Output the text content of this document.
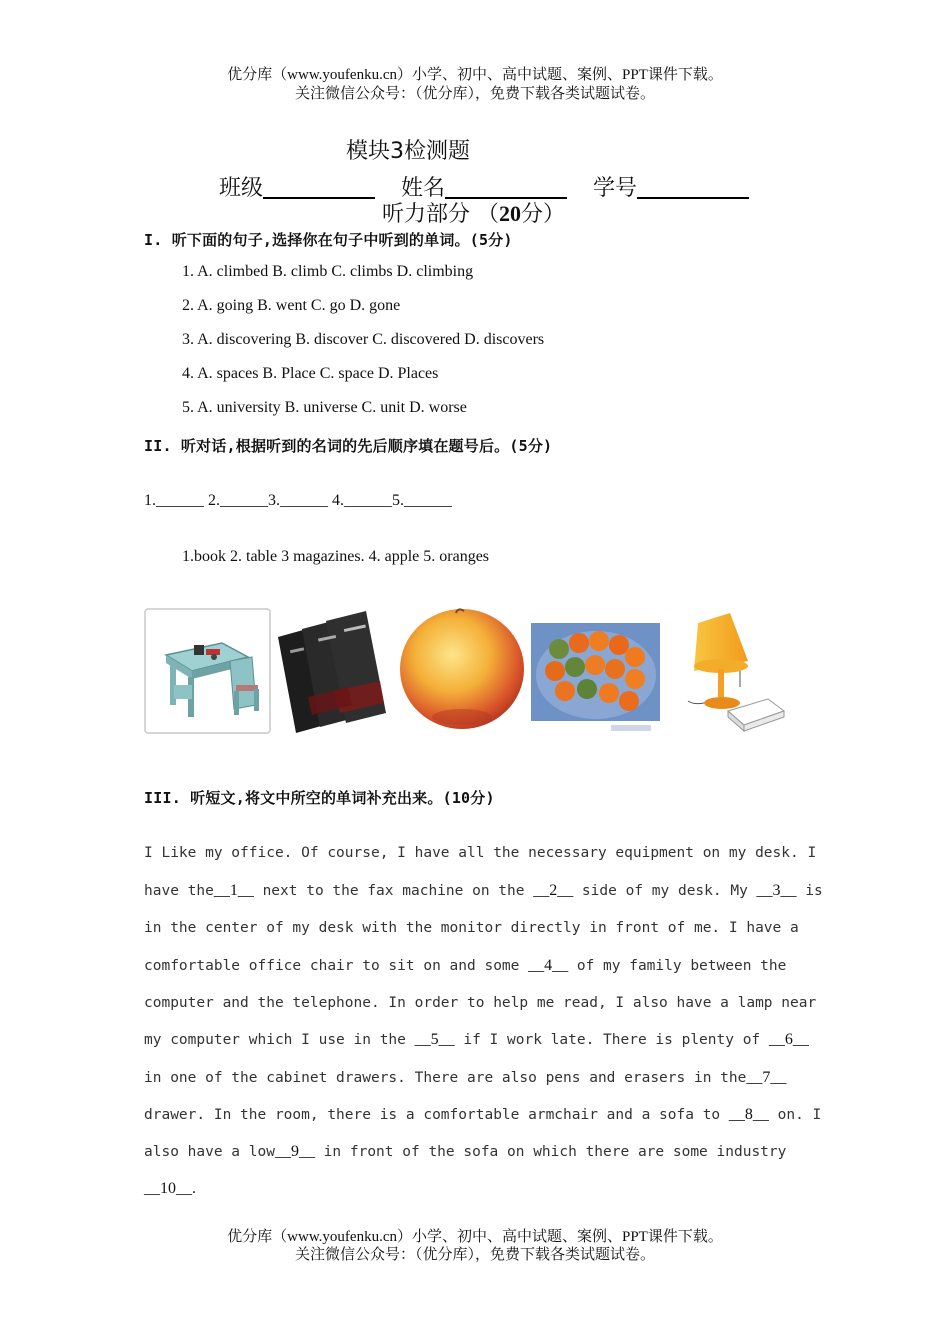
优分库（www.youfenku.cn）小学、初中、高中试题、案例、PPT课件下载。
关注微信公众号：（优分库），免费下载各类试题试卷。
模块3检测题
班级	姓名	学号
听力部分 （20分）
I. 听下面的句子,选择你在句子中听到的单词。(5分)
1. A. climbed B. climb C. climbs D. climbing
2. A. going B. went C. go D. gone
3. A. discovering B. discover C. discovered D. discovers
4. A. spaces B. Place C. space D. Places
5. A. university B. universe C. unit D. worse
II. 听对话,根据听到的名词的先后顺序填在题号后。(5分)
1.______ 2.______3.______ 4.______5.______
1.book 2. table 3 magazines. 4. apple 5. oranges
III. 听短文,将文中所空的单词补充出来。(10分)
I Like my office. Of course, I have all the necessary equipment on my desk. I
have the__1__ next to the fax machine on the __2__ side of my desk. My __3__ is
in the center of my desk with the monitor directly in front of me. I have a
comfortable office chair to sit on and some __4__ of my family between the
computer and the telephone. In order to help me read, I also have a lamp near
my computer which I use in the __5__ if I work late. There is plenty of __6__
in one of the cabinet drawers. There are also pens and erasers in the__7__
drawer. In the room, there is a comfortable armchair and a sofa to __8__ on. I
also have a low__9__ in front of the sofa on which there are some industry
__10__.
优分库（www.youfenku.cn）小学、初中、高中试题、案例、PPT课件下载。
关注微信公众号：（优分库），免费下载各类试题试卷。
